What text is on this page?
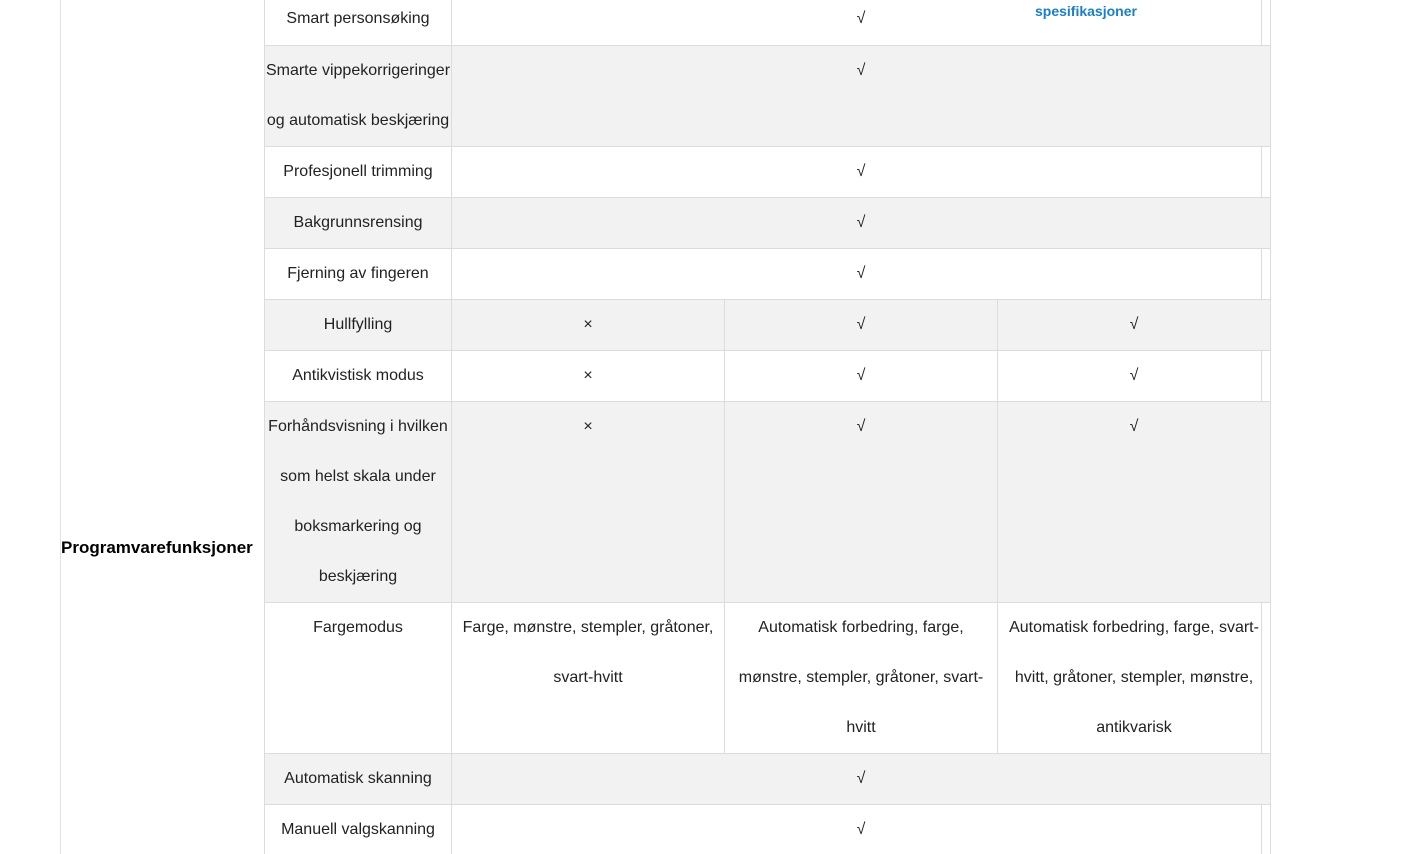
Programvarefunksjoner
Smart personsøking	√		
Smarte vippekorrigeringer og automatisk beskjæring	√		
Profesjonell trimming	√		
Bakgrunnsrensing	√		
Fjerning av fingeren	√		
Hullfylling	×	√	√
Antikvistisk modus	×	√	√
Forhåndsvisning i hvilken som helst skala under boksmarkering og beskjæring	×	√	√
Fargemodus	Farge, mønstre, stempler, gråtoner, svart-hvitt	Automatisk forbedring, farge, mønstre, stempler, gråtoner, svart-hvitt	Automatisk forbedring, farge, svart-hvitt, gråtoner, stempler, mønstre, antikvarisk
Automatisk skanning	√		
Manuell valgskanning	√		
spesifikasjoner
